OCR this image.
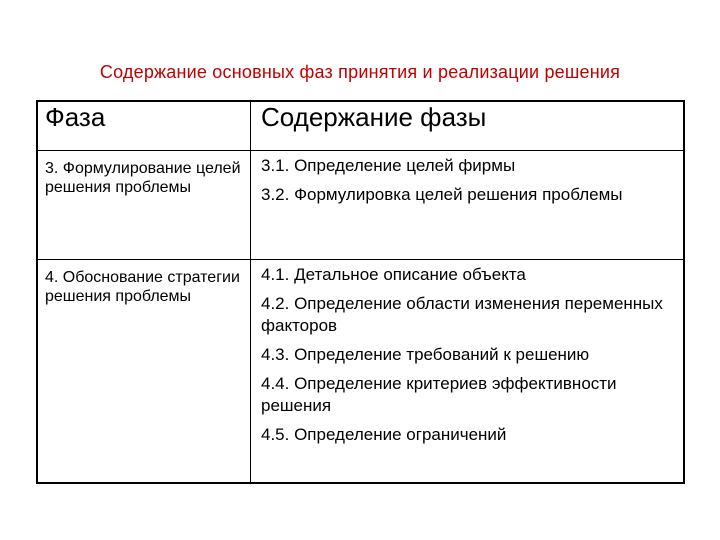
Содержание основных фаз принятия и реализации решения
Фаза	Содержание фазы

3. Формулирование целей решения проблемы	3.1. Определение целей фирмы
3.2. Формулировка целей решения проблемы

4. Обоснование стратегии решения проблемы	4.1. Детальное описание объекта
4.2. Определение области изменения переменных факторов
4.3. Определение требований к решению
4.4. Определение критериев эффективности решения
4.5. Определение ограничений
